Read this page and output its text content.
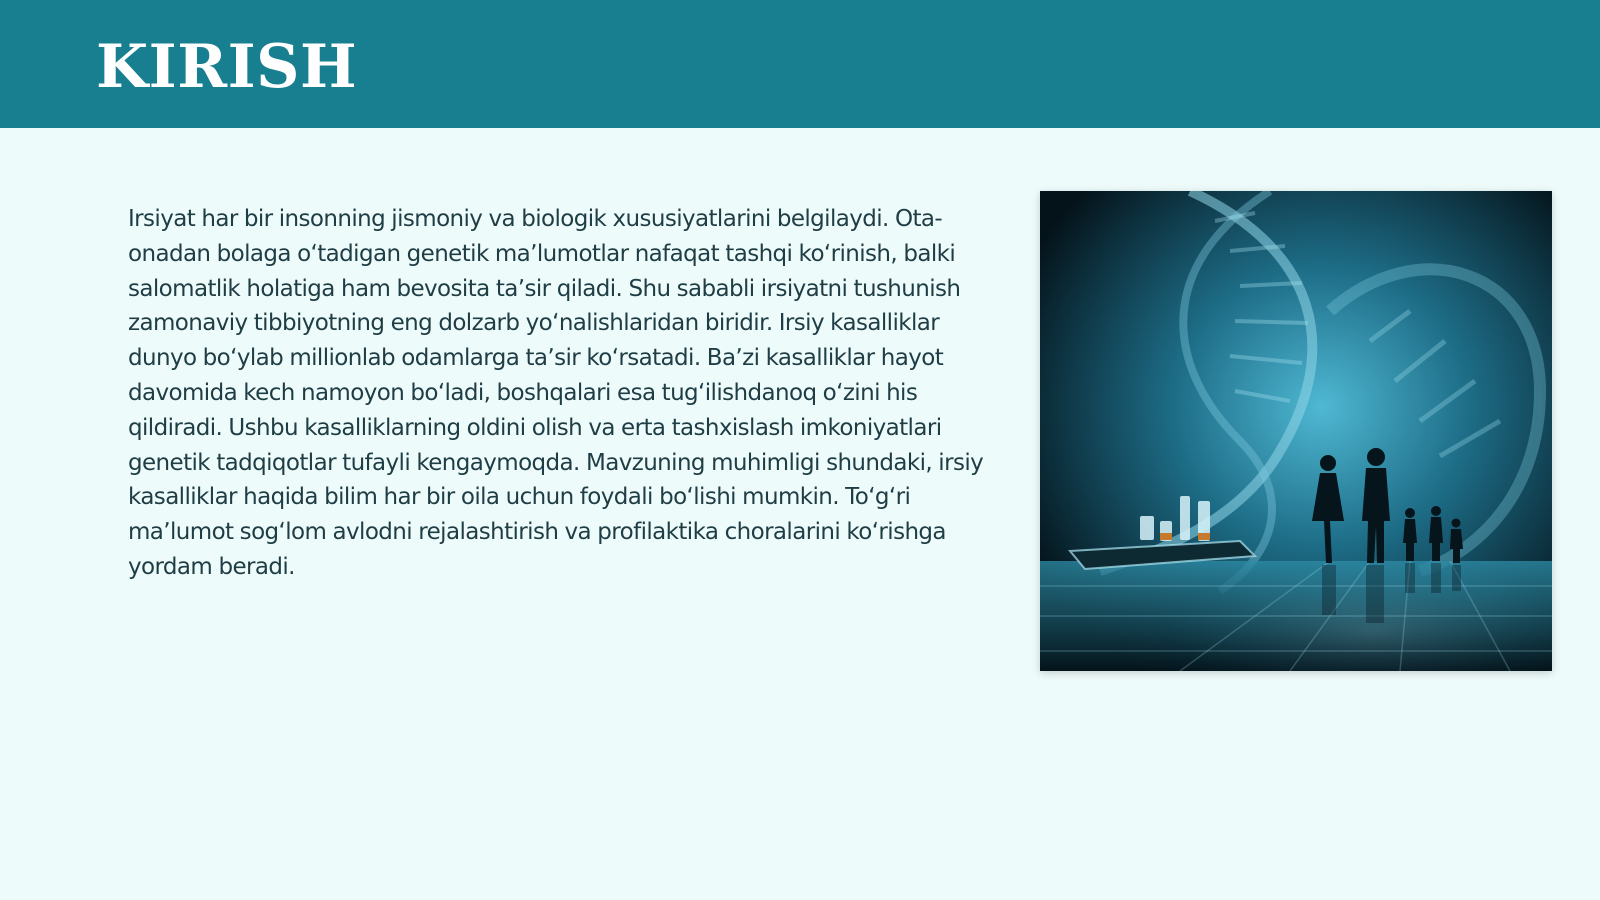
KIRISH

Irsiyat har bir insonning jismoniy va biologik xususiyatlarini belgilaydi. Ota-onadan bolaga oʻtadigan genetik maʼlumotlar nafaqat tashqi koʻrinish, balki salomatlik holatiga ham bevosita taʼsir qiladi. Shu sababli irsiyatni tushunish zamonaviy tibbiyotning eng dolzarb yoʻnalishlaridan biridir. Irsiy kasalliklar dunyo boʻylab millionlab odamlarga taʼsir koʻrsatadi. Baʼzi kasalliklar hayot davomida kech namoyon boʻladi, boshqalari esa tugʻilishdanoq oʻzini his qildiradi. Ushbu kasalliklarning oldini olish va erta tashxislash imkoniyatlari genetik tadqiqotlar tufayli kengaymoqda. Mavzuning muhimligi shundaki, irsiy kasalliklar haqida bilim har bir oila uchun foydali boʻlishi mumkin. Toʻgʻri maʼlumot sogʻlom avlodni rejalashtirish va profilaktika choralarini koʻrishga yordam beradi.
